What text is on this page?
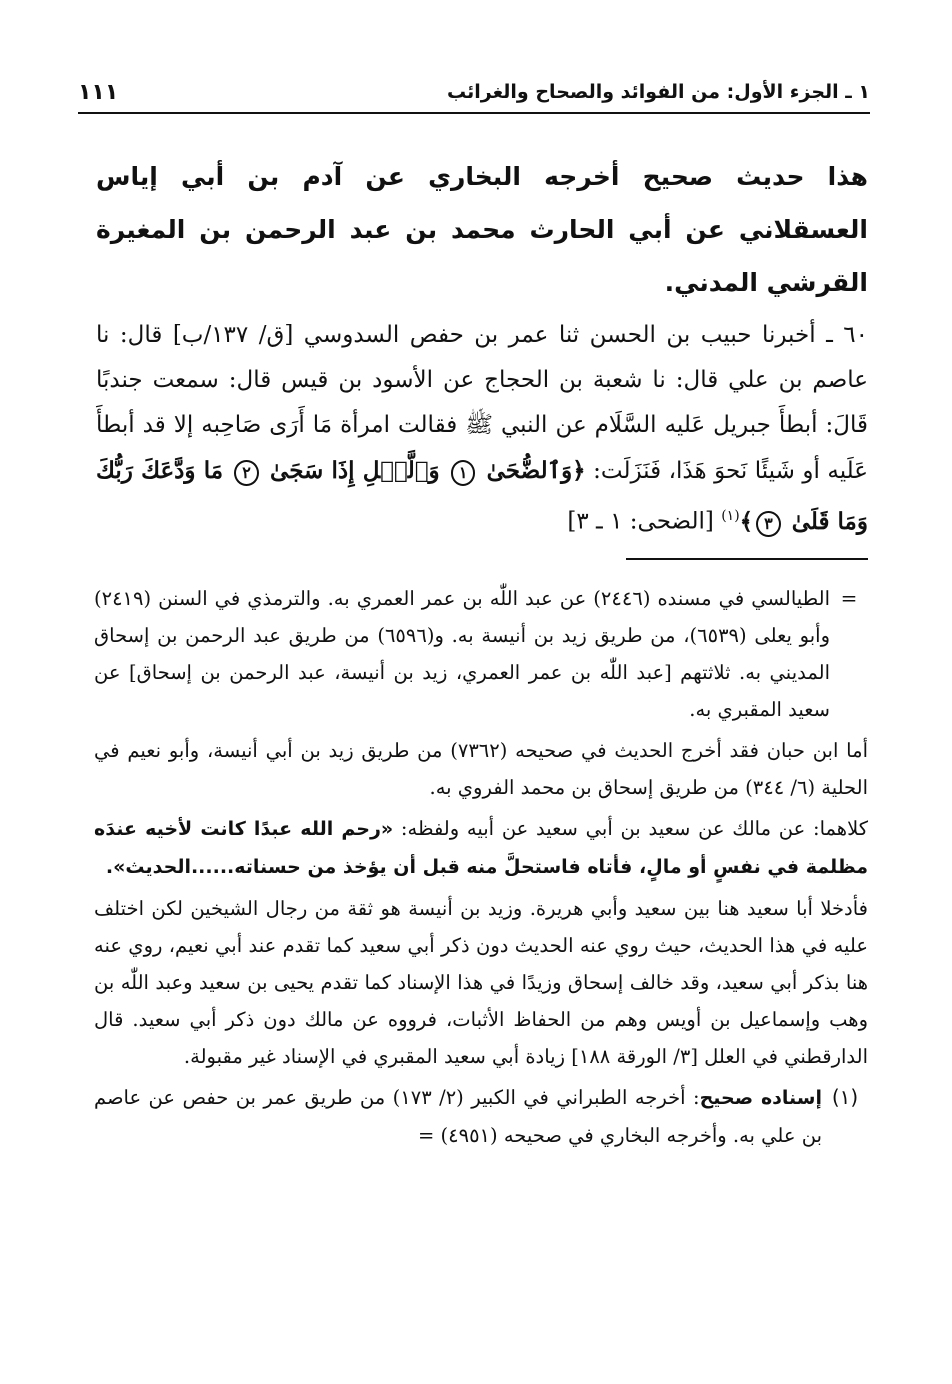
١ ـ الجزء الأول: من الفوائد والصحاح والغرائب
١١١

هذا حديث صحيح أخرجه البخاري عن آدم بن أبي إياس العسقلاني عن أبي الحارث محمد بن عبد الرحمن بن المغيرة القرشي المدني.

٦٠ ـ أخبرنا حبيب بن الحسن ثنا عمر بن حفص السدوسي [ق/ ١٣٧/ب] قال: نا عاصم بن علي قال: نا شعبة بن الحجاج عن الأسود بن قيس قال: سمعت جندبًا قَالَ: أبطأَ جبريل عَليه السَّلَام عن النبي ﷺ فقالت امرأة مَا أَرَى صَاحِبه إلا قد أبطأَ عَلَيه أو شَيئًا نَحوَ هَذَا، فَنَزَلَت: ﴿وَٱلضُّحَىٰ ١ وَٱلَّيۡلِ إِذَا سَجَىٰ ٢ مَا وَدَّعَكَ رَبُّكَ وَمَا قَلَىٰ ٣﴾$^{(١)}$ [الضحى: ١ ـ ٣]

=

الطيالسي في مسنده (٢٤٤٦) عن عبد اللّٰه بن عمر العمري به. والترمذي في السنن (٢٤١٩) وأبو يعلى (٦٥٣٩)، من طريق زيد بن أنيسة به. و(٦٥٩٦) من طريق عبد الرحمن بن إسحاق المديني به. ثلاثتهم [عبد اللّٰه بن عمر العمري، زيد بن أنيسة، عبد الرحمن بن إسحاق] عن سعيد المقبري به.

أما ابن حبان فقد أخرج الحديث في صحيحه (٧٣٦٢) من طريق زيد بن أبي أنيسة، وأبو نعيم في الحلية (٦/ ٣٤٤) من طريق إسحاق بن محمد الفروي به.

كلاهما: عن مالك عن سعيد بن أبي سعيد عن أبيه ولفظه: «رحم الله عبدًا كانت لأخيه عندَه مظلمة في نفسٍ أو مالٍ، فأتاه فاستحلَّ منه قبل أن يؤخذ من حسناته......الحديث».

فأدخلا أبا سعيد هنا بين سعيد وأبي هريرة. وزيد بن أنيسة هو ثقة من رجال الشيخين لكن اختلف عليه في هذا الحديث، حيث روي عنه الحديث دون ذكر أبي سعيد كما تقدم عند أبي نعيم، روي عنه هنا بذكر أبي سعيد، وقد خالف إسحاق وزيدًا في هذا الإسناد كما تقدم يحيى بن سعيد وعبد اللّٰه بن وهب وإسماعيل بن أويس وهم من الحفاظ الأثبات، فرووه عن مالك دون ذكر أبي سعيد. قال الدارقطني في العلل [٣/ الورقة ١٨٨] زيادة أبي سعيد المقبري في الإسناد غير مقبولة.

(١)

إسناده صحيح: أخرجه الطبراني في الكبير (٢/ ١٧٣) من طريق عمر بن حفص عن عاصم بن علي به. وأخرجه البخاري في صحيحه (٤٩٥١) =
